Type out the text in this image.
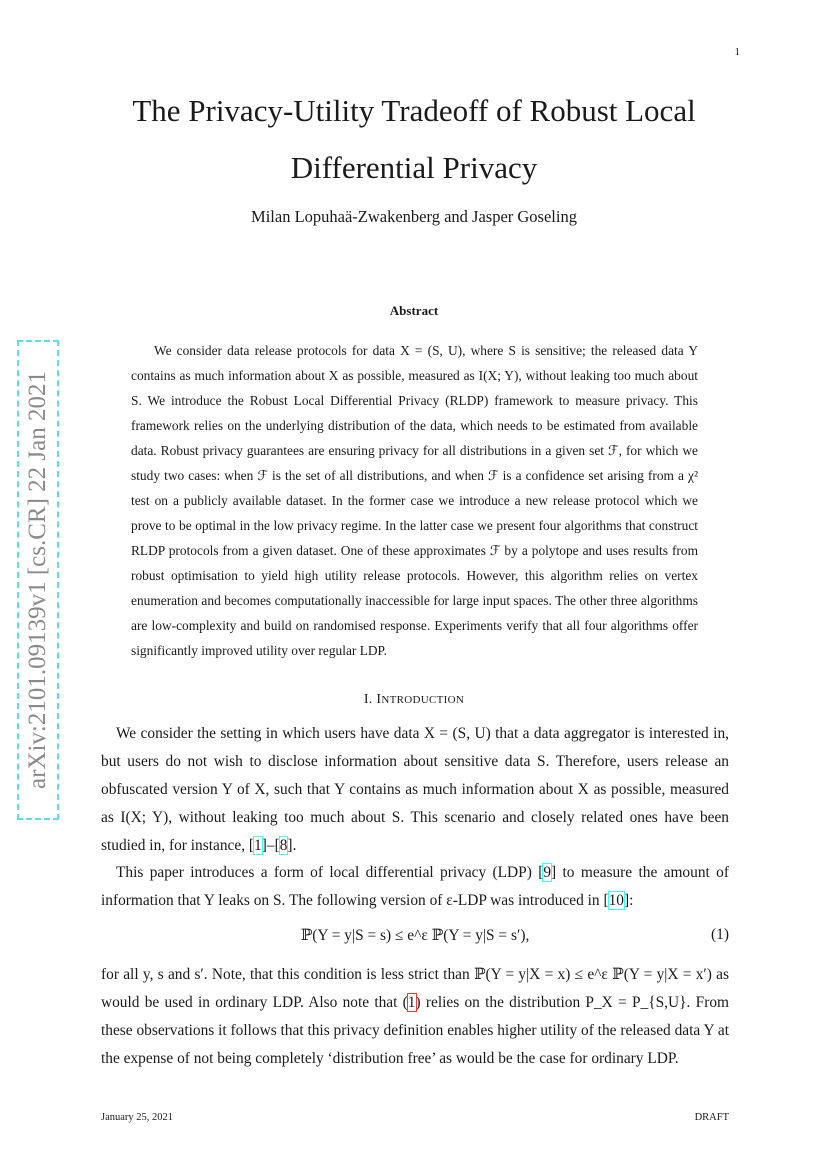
1
The Privacy-Utility Tradeoff of Robust Local
Differential Privacy
Milan Lopuhaä-Zwakenberg and Jasper Goseling
arXiv:2101.09139v1 [cs.CR] 22 Jan 2021
Abstract
We consider data release protocols for data X = (S, U), where S is sensitive; the released data Y contains as much information about X as possible, measured as I(X; Y), without leaking too much about S. We introduce the Robust Local Differential Privacy (RLDP) framework to measure privacy. This framework relies on the underlying distribution of the data, which needs to be estimated from available data. Robust privacy guarantees are ensuring privacy for all distributions in a given set ℱ, for which we study two cases: when ℱ is the set of all distributions, and when ℱ is a confidence set arising from a χ² test on a publicly available dataset. In the former case we introduce a new release protocol which we prove to be optimal in the low privacy regime. In the latter case we present four algorithms that construct RLDP protocols from a given dataset. One of these approximates ℱ by a polytope and uses results from robust optimisation to yield high utility release protocols. However, this algorithm relies on vertex enumeration and becomes computationally inaccessible for large input spaces. The other three algorithms are low-complexity and build on randomised response. Experiments verify that all four algorithms offer significantly improved utility over regular LDP.
I. INTRODUCTION
We consider the setting in which users have data X = (S, U) that a data aggregator is interested in, but users do not wish to disclose information about sensitive data S. Therefore, users release an obfuscated version Y of X, such that Y contains as much information about X as possible, measured as I(X; Y), without leaking too much about S. This scenario and closely related ones have been studied in, for instance, [1]–[8].
This paper introduces a form of local differential privacy (LDP) [9] to measure the amount of information that Y leaks on S. The following version of ε-LDP was introduced in [10]:
ℙ(Y = y|S = s) ≤ e^ε ℙ(Y = y|S = s′),	(1)
for all y, s and s′. Note, that this condition is less strict than ℙ(Y = y|X = x) ≤ e^ε ℙ(Y = y|X = x′) as would be used in ordinary LDP. Also note that (1) relies on the distribution P_X = P_{S,U}. From these observations it follows that this privacy definition enables higher utility of the released data Y at the expense of not being completely ‘distribution free’ as would be the case for ordinary LDP.
January 25, 2021	DRAFT
